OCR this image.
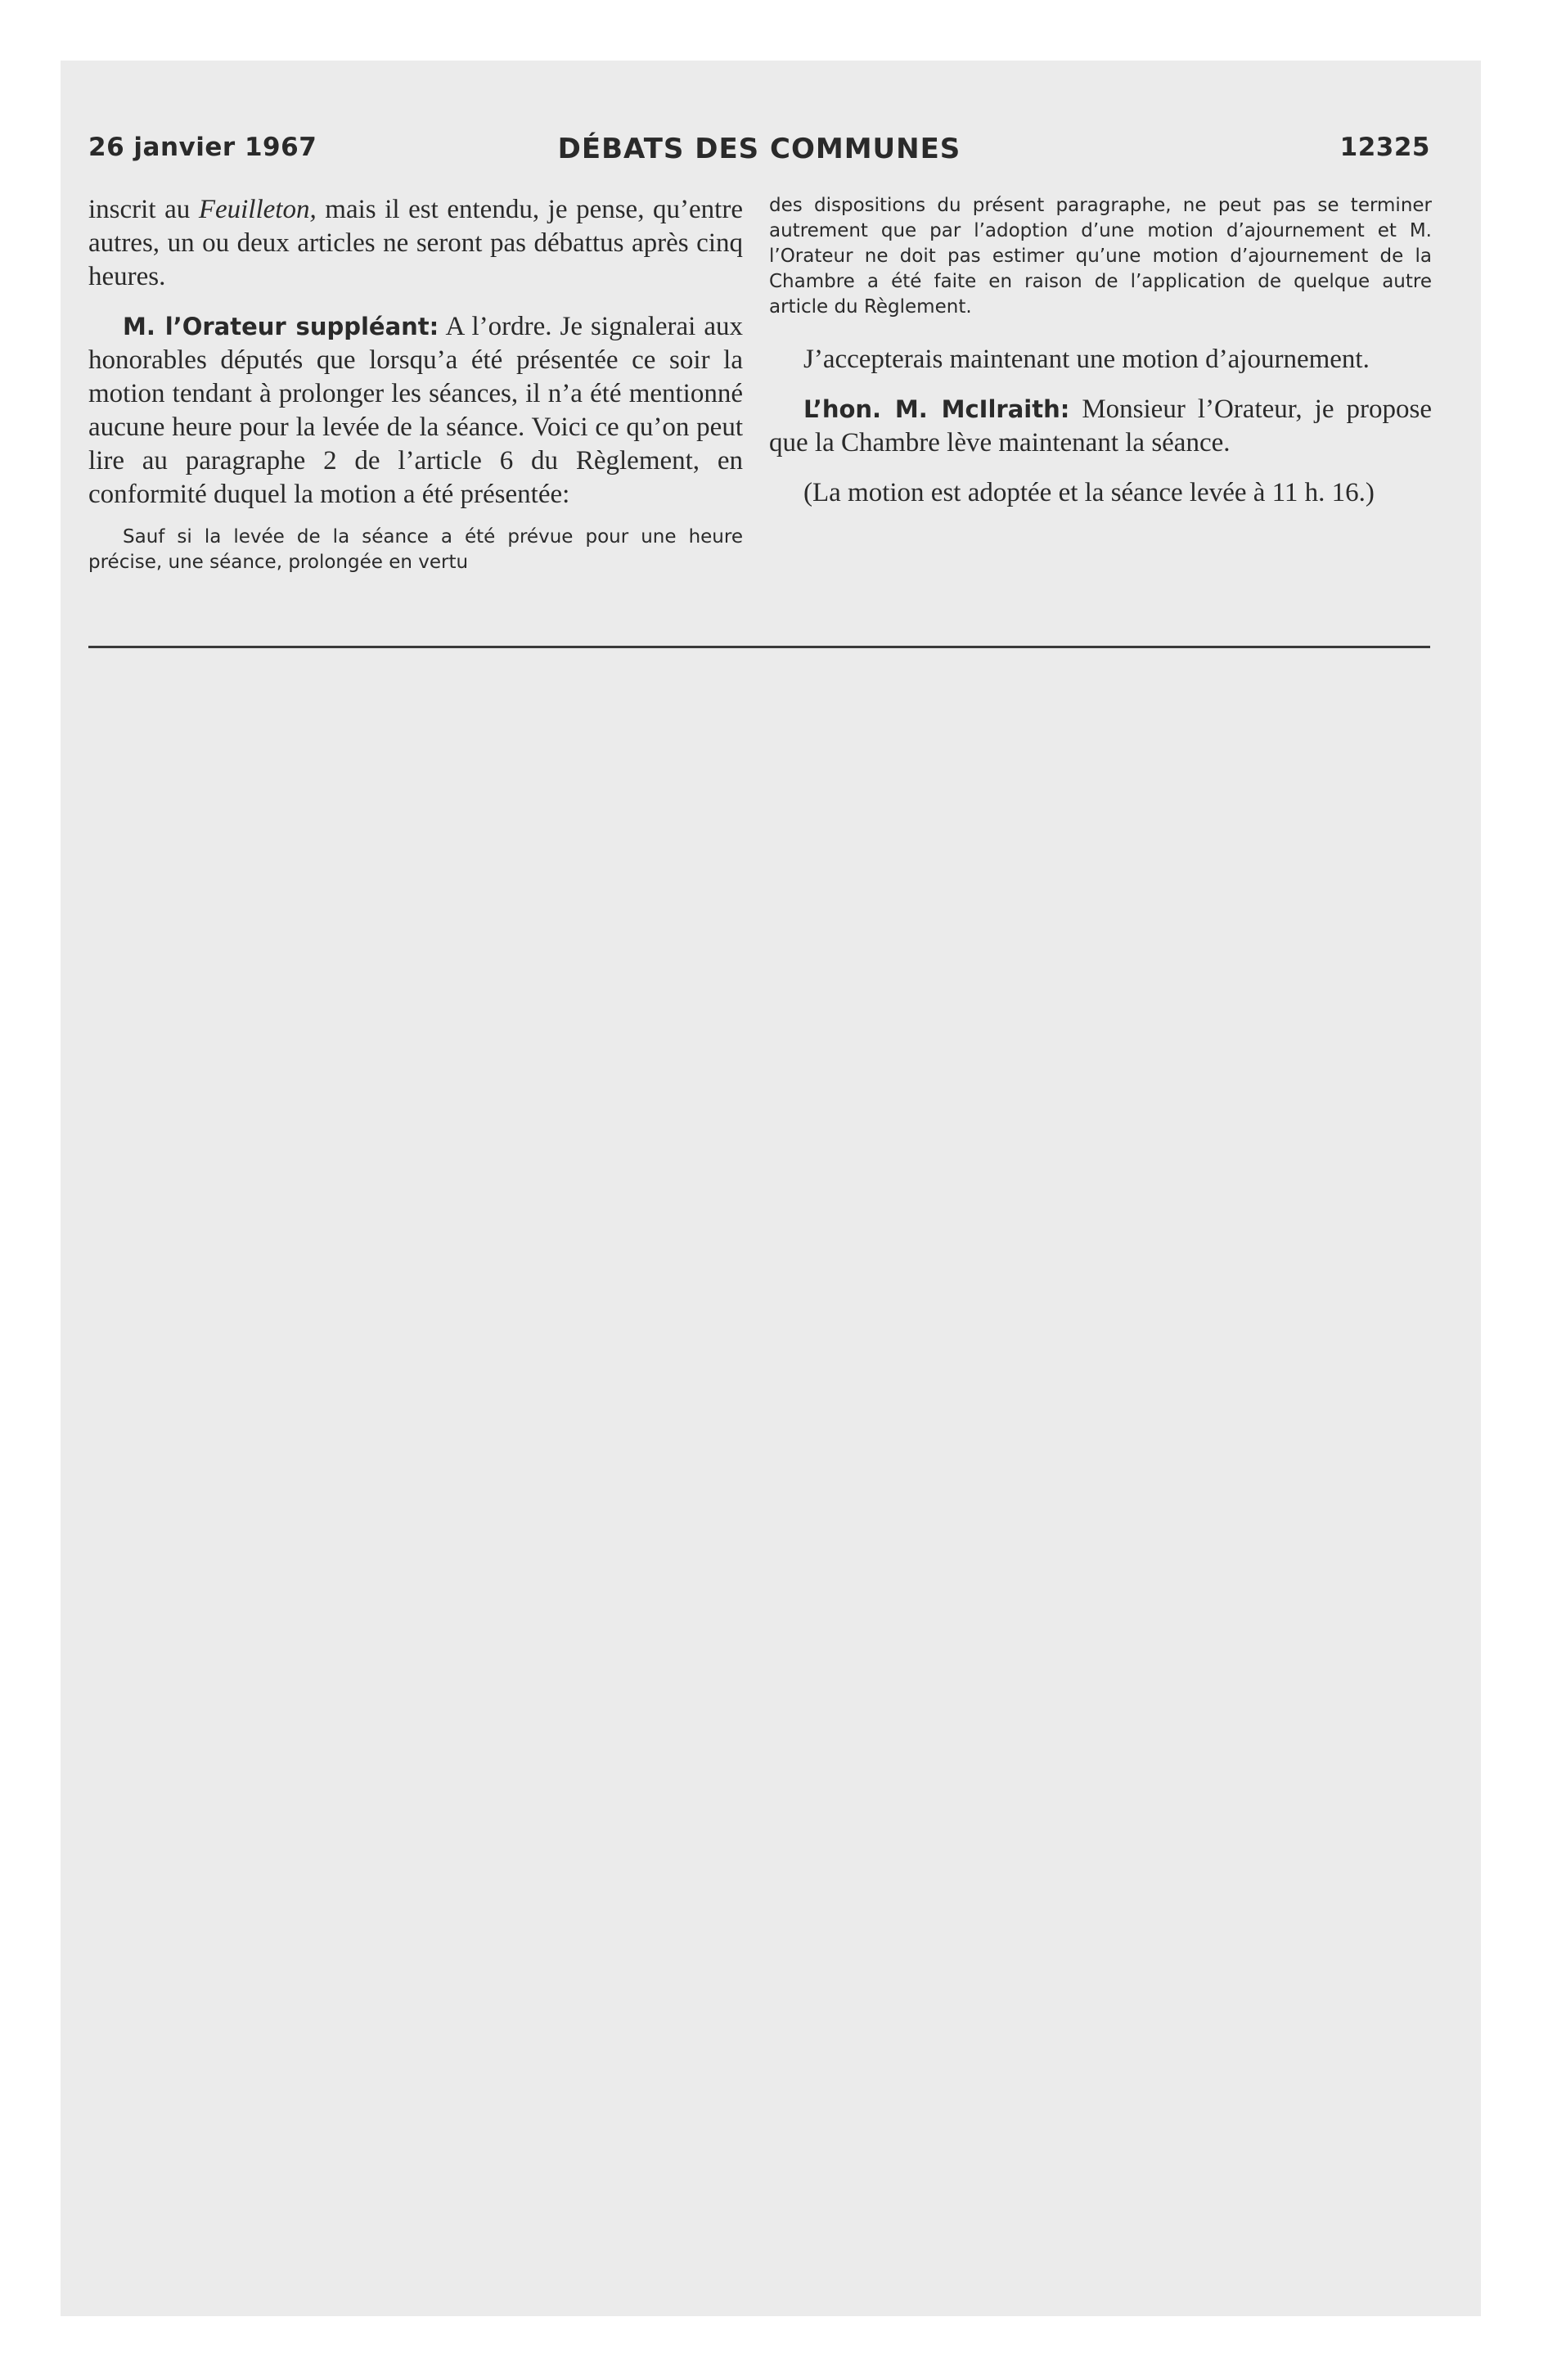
26 janvier 1967	DÉBATS DES COMMUNES	12325

inscrit au Feuilleton, mais il est entendu, je pense, qu’entre autres, un ou deux articles ne seront pas débattus après cinq heures.

M. l’Orateur suppléant: A l’ordre. Je signalerai aux honorables députés que lorsqu’a été présentée ce soir la motion tendant à prolonger les séances, il n’a été mentionné aucune heure pour la levée de la séance. Voici ce qu’on peut lire au paragraphe 2 de l’article 6 du Règlement, en conformité duquel la motion a été présentée:

Sauf si la levée de la séance a été prévue pour une heure précise, une séance, prolongée en vertu

des dispositions du présent paragraphe, ne peut pas se terminer autrement que par l’adoption d’une motion d’ajournement et M. l’Orateur ne doit pas estimer qu’une motion d’ajournement de la Chambre a été faite en raison de l’application de quelque autre article du Règlement.

J’accepterais maintenant une motion d’ajournement.

L’hon. M. McIlraith: Monsieur l’Orateur, je propose que la Chambre lève maintenant la séance.

(La motion est adoptée et la séance levée à 11 h. 16.)
